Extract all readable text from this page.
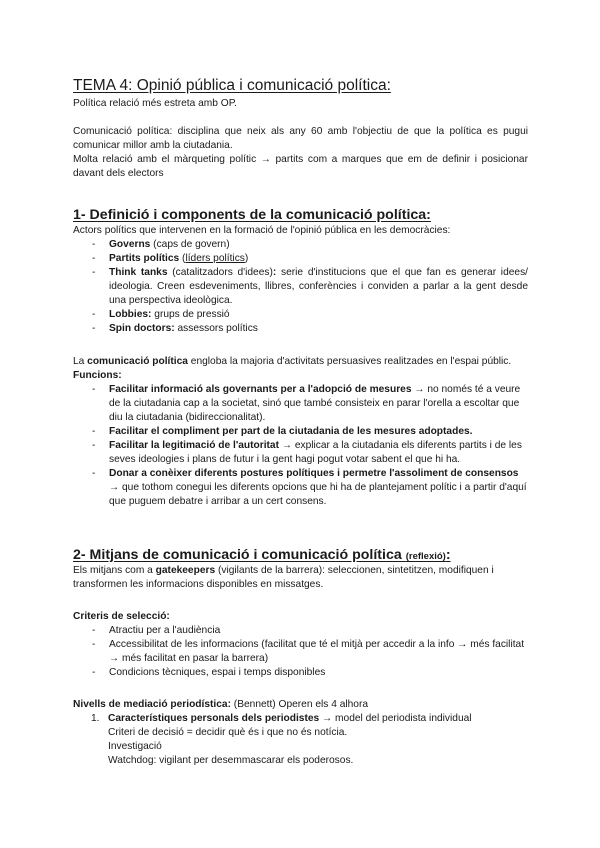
TEMA 4: Opinió pública i comunicació política:

Política relació més estreta amb OP.

Comunicació política: disciplina que neix als any 60 amb l'objectiu de que la política es pugui comunicar millor amb la ciutadania.

Molta relació amb el màrqueting polític → partits com a marques que em de definir i posicionar davant dels electors

1- Definició i components de la comunicació política:

Actors polítics que intervenen en la formació de l'opinió pública en les democràcies:

- Governs (caps de govern)
- Partits polítics (líders polítics)
- Think tanks (catalitzadors d'idees): serie d'institucions que el que fan es generar idees/ ideologia. Creen esdeveniments, llibres, conferències i conviden a parlar a la gent desde una perspectiva ideològica.
- Lobbies: grups de pressió
- Spin doctors: assessors polítics

La comunicació política engloba la majoria d'activitats persuasives realitzades en l'espai públic.

Funcions:

- Facilitar informació als governants per a l'adopció de mesures → no només té a veure de la ciutadania cap a la societat, sinó que també consisteix en parar l'orella a escoltar que diu la ciutadania (bidireccionalitat).
- Facilitar el compliment per part de la ciutadania de les mesures adoptades.
- Facilitar la legitimació de l'autoritat → explicar a la ciutadania els diferents partits i de les seves ideologies i plans de futur i la gent hagi pogut votar sabent el que hi ha.
- Donar a conèixer diferents postures polítiques i permetre l'assoliment de consensos → que tothom conegui les diferents opcions que hi ha de plantejament polític i a partir d'aquí que puguem debatre i arribar a un cert consens.
2- Mitjans de comunicació i comunicació política (reflexió):

Els mitjans com a gatekeepers (vigilants de la barrera): seleccionen, sintetitzen, modifiquen i transformen les informacions disponibles en missatges.

Criteris de selecció:

- Atractiu per a l'audiència
- Accessibilitat de les informacions (facilitat que té el mitjà per accedir a la info → més facilitat → més facilitat en pasar la barrera)
- Condicions tècniques, espai i temps disponibles

Nivells de mediació periodística: (Bennett) Operen els 4 alhora

1. Característiques personals dels periodistes → model del periodista individual

Criteri de decisió = decidir què és i que no és notícia.

Investigació

Watchdog: vigilant per desemmascarar els poderosos.
